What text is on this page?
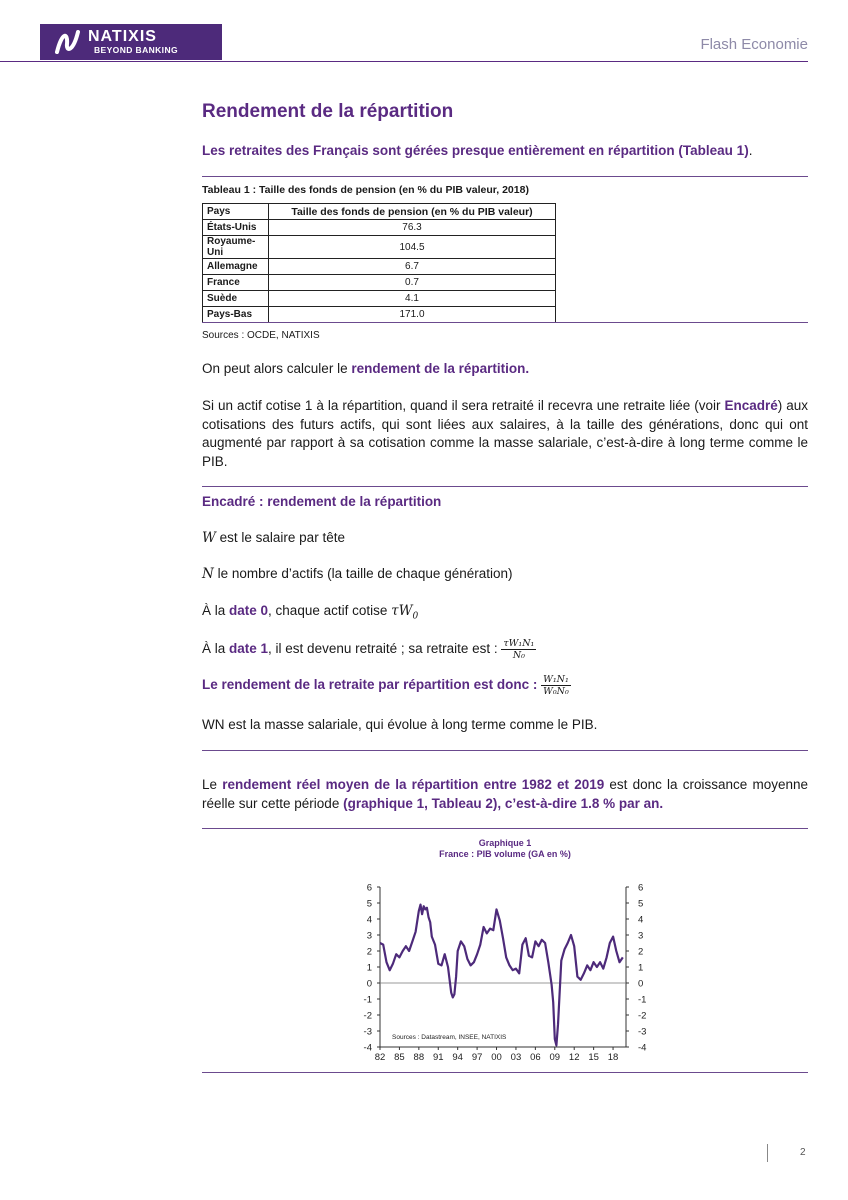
NATIXIS
BEYOND BANKING	Flash Economie
Rendement de la répartition

Les retraites des Français sont gérées presque entièrement en répartition (Tableau 1).

Tableau 1 : Taille des fonds de pension (en % du PIB valeur, 2018)
Pays	Taille des fonds de pension (en % du PIB valeur)
États-Unis	76.3
Royaume-Uni	104.5
Allemagne	6.7
France	0.7
Suède	4.1
Pays-Bas	171.0
Sources : OCDE, NATIXIS

On peut alors calculer le rendement de la répartition.

Si un actif cotise 1 à la répartition, quand il sera retraité il recevra une retraite liée (voir Encadré) aux cotisations des futurs actifs, qui sont liées aux salaires, à la taille des générations, donc qui ont augmenté par rapport à sa cotisation comme la masse salariale, c’est-à-dire à long terme comme le PIB.

Encadré : rendement de la répartition
W est le salaire par tête
N le nombre d’actifs (la taille de chaque génération)
À la date 0, chaque actif cotise $\tau W_0$
À la date 1, il est devenu retraité ; sa retraite est : $\frac{\text{τW₁N₁}}{\text{N₀}}$
Le rendement de la retraite par répartition est donc : $\frac{\text{W₁N₁}}{\text{W₀N₀}}$
WN est la masse salariale, qui évolue à long terme comme le PIB.

Le rendement réel moyen de la répartition entre 1982 et 2019 est donc la croissance moyenne réelle sur cette période (graphique 1, Tableau 2), c’est-à-dire 1.8 % par an.

Graphique 1
France : PIB volume (GA en %)
6	6
5	5
4	4
3	3
2	2
1	1
0	0
-1	-1
-2	-2
-3	-3
-4	-4
82 85 88 91 94 97 00 03 06 09 12 15 18
Sources : Datastream, INSEE, NATIXIS
2
